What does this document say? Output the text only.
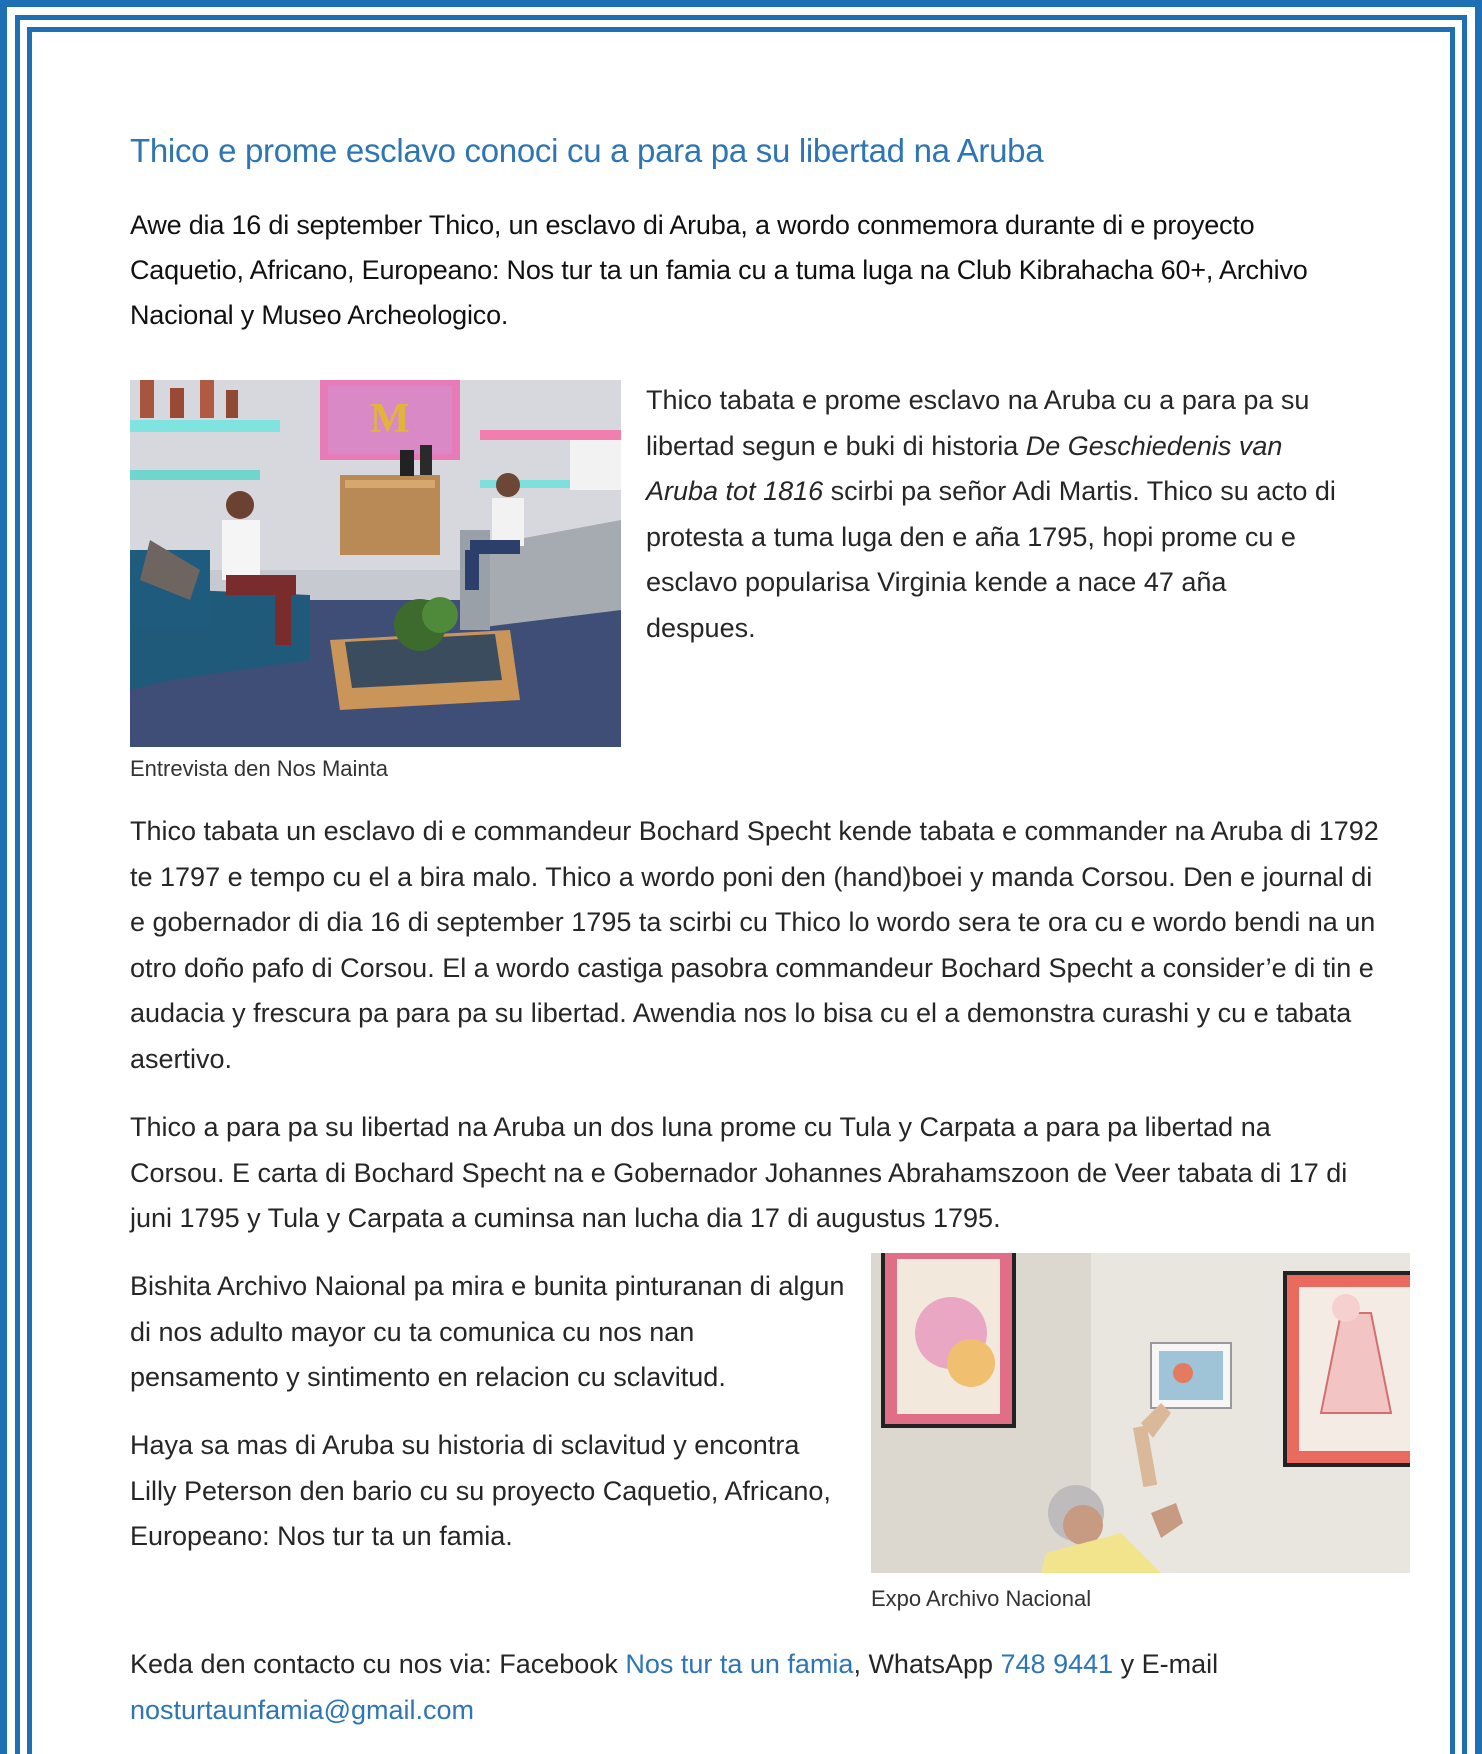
Thico e prome esclavo conoci cu a para pa su libertad na Aruba

Awe dia 16 di september Thico, un esclavo di Aruba, a wordo conmemora durante di e proyecto Caquetio, Africano, Europeano: Nos tur ta un famia cu a tuma luga na Club Kibrahacha 60+, Archivo Nacional y Museo Archeologico.

M
Entrevista den Nos Mainta

Thico tabata e prome esclavo na Aruba cu a para pa su libertad segun e buki di historia De Geschiedenis van Aruba tot 1816 scirbi pa señor Adi Martis. Thico su acto di protesta a tuma luga den e aña 1795, hopi prome cu e esclavo popularisa Virginia kende a nace 47 aña despues.

Thico tabata un esclavo di e commandeur Bochard Specht kende tabata e commander na Aruba di 1792 te 1797 e tempo cu el a bira malo. Thico a wordo poni den (hand)boei y manda Corsou. Den e journal di e gobernador di dia 16 di september 1795 ta scirbi cu Thico lo wordo sera te ora cu e wordo bendi na un otro doño pafo di Corsou. El a wordo castiga pasobra commandeur Bochard Specht a consider’e di tin e audacia y frescura pa para pa su libertad. Awendia nos lo bisa cu el a demonstra curashi y cu e tabata asertivo.

Thico a para pa su libertad na Aruba un dos luna prome cu Tula y Carpata a para pa libertad na Corsou. E carta di Bochard Specht na e Gobernador Johannes Abrahamszoon de Veer tabata di 17 di juni 1795 y Tula y Carpata a cuminsa nan lucha dia 17 di augustus 1795.

Bishita Archivo Naional pa mira e bunita pinturanan di algun di nos adulto mayor cu ta comunica cu nos nan pensamento y sintimento en relacion cu sclavitud.

Haya sa mas di Aruba su historia di sclavitud y encontra Lilly Peterson den bario cu su proyecto Caquetio, Africano, Europeano: Nos tur ta un famia.

Expo Archivo Nacional

Keda den contacto cu nos via: Facebook Nos tur ta un famia, WhatsApp 748 9441 y E-mail
nosturtaunfamia@gmail.com
